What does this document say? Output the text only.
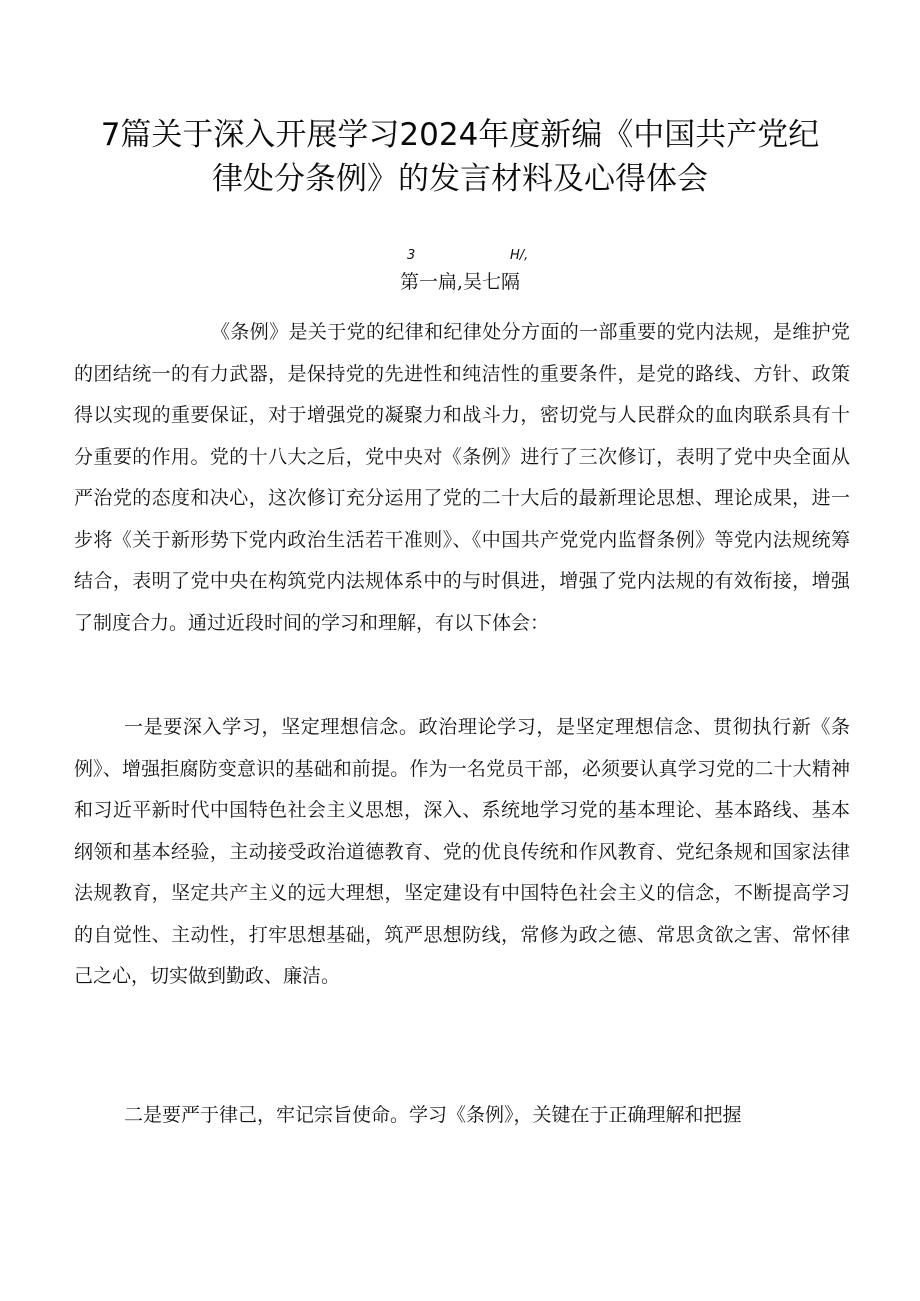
7篇关于深入开展学习2024年度新编《中国共产党纪
律处分条例》的发言材料及心得体会
3	H/,
第一扁,吴七隔

《条例》是关于党的纪律和纪律处分方面的一部重要的党内法规，是维护党的团结统一的有力武器，是保持党的先进性和纯洁性的重要条件，是党的路线、方针、政策得以实现的重要保证，对于增强党的凝聚力和战斗力，密切党与人民群众的血肉联系具有十分重要的作用。党的十八大之后，党中央对《条例》进行了三次修订，表明了党中央全面从严治党的态度和决心，这次修订充分运用了党的二十大后的最新理论思想、理论成果，进一步将《关于新形势下党内政治生活若干准则》、《中国共产党党内监督条例》等党内法规统筹结合，表明了党中央在构筑党内法规体系中的与时俱进，增强了党内法规的有效衔接，增强了制度合力。通过近段时间的学习和理解，有以下体会：

一是要深入学习，坚定理想信念。政治理论学习，是坚定理想信念、贯彻执行新《条例》、增强拒腐防变意识的基础和前提。作为一名党员干部，必须要认真学习党的二十大精神和习近平新时代中国特色社会主义思想，深入、系统地学习党的基本理论、基本路线、基本纲领和基本经验，主动接受政治道德教育、党的优良传统和作风教育、党纪条规和国家法律法规教育，坚定共产主义的远大理想，坚定建设有中国特色社会主义的信念，不断提高学习的自觉性、主动性，打牢思想基础，筑严思想防线，常修为政之德、常思贪欲之害、常怀律己之心，切实做到勤政、廉洁。

二是要严于律己，牢记宗旨使命。学习《条例》，关键在于正确理解和把握
